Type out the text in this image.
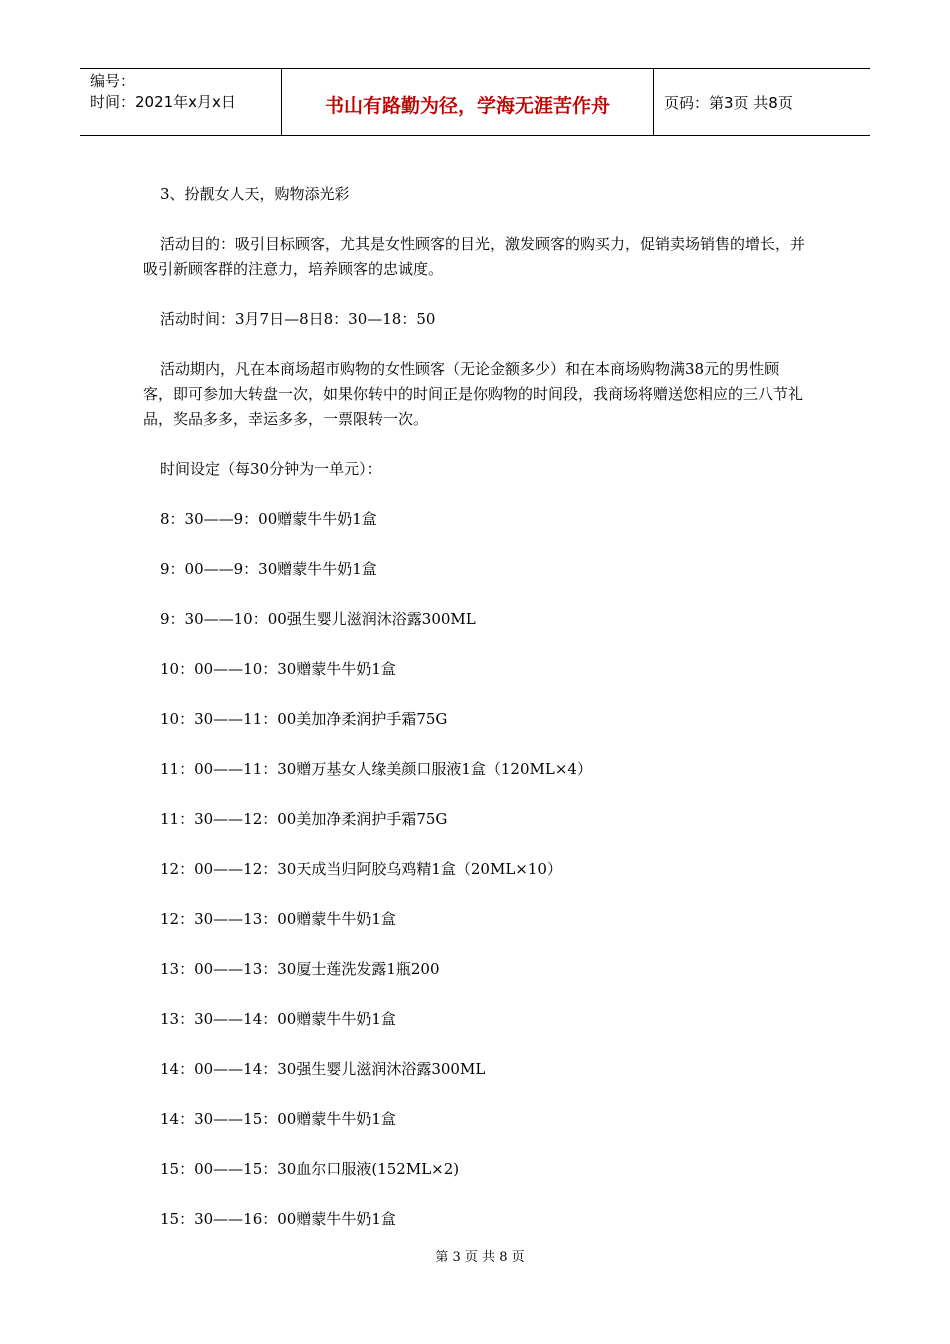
编号：
时间：2021年x月x日	书山有路勤为径，学海无涯苦作舟	页码：第3页 共8页

3、扮靓女人天，购物添光彩

活动目的：吸引目标顾客，尤其是女性顾客的目光，激发顾客的购买力，促销卖场销售的增长，并吸引新顾客群的注意力，培养顾客的忠诚度。

活动时间：3月7日—8日8：30—18：50

活动期内，凡在本商场超市购物的女性顾客（无论金额多少）和在本商场购物满38元的男性顾客，即可参加大转盘一次，如果你转中的时间正是你购物的时间段，我商场将赠送您相应的三八节礼品，奖品多多，幸运多多，一票限转一次。

时间设定（每30分钟为一单元）：

8：30——9：00赠蒙牛牛奶1盒

9：00——9：30赠蒙牛牛奶1盒

9：30——10：00强生婴儿滋润沐浴露300ML

10：00——10：30赠蒙牛牛奶1盒

10：30——11：00美加净柔润护手霜75G

11：00——11：30赠万基女人缘美颜口服液1盒（120ML×4）

11：30——12：00美加净柔润护手霜75G

12：00——12：30天成当归阿胶乌鸡精1盒（20ML×10）

12：30——13：00赠蒙牛牛奶1盒

13：00——13：30厦士莲洗发露1瓶200

13：30——14：00赠蒙牛牛奶1盒

14：00——14：30强生婴儿滋润沐浴露300ML

14：30——15：00赠蒙牛牛奶1盒

15：00——15：30血尔口服液(152ML×2)

15：30——16：00赠蒙牛牛奶1盒

第 3 页 共 8 页
